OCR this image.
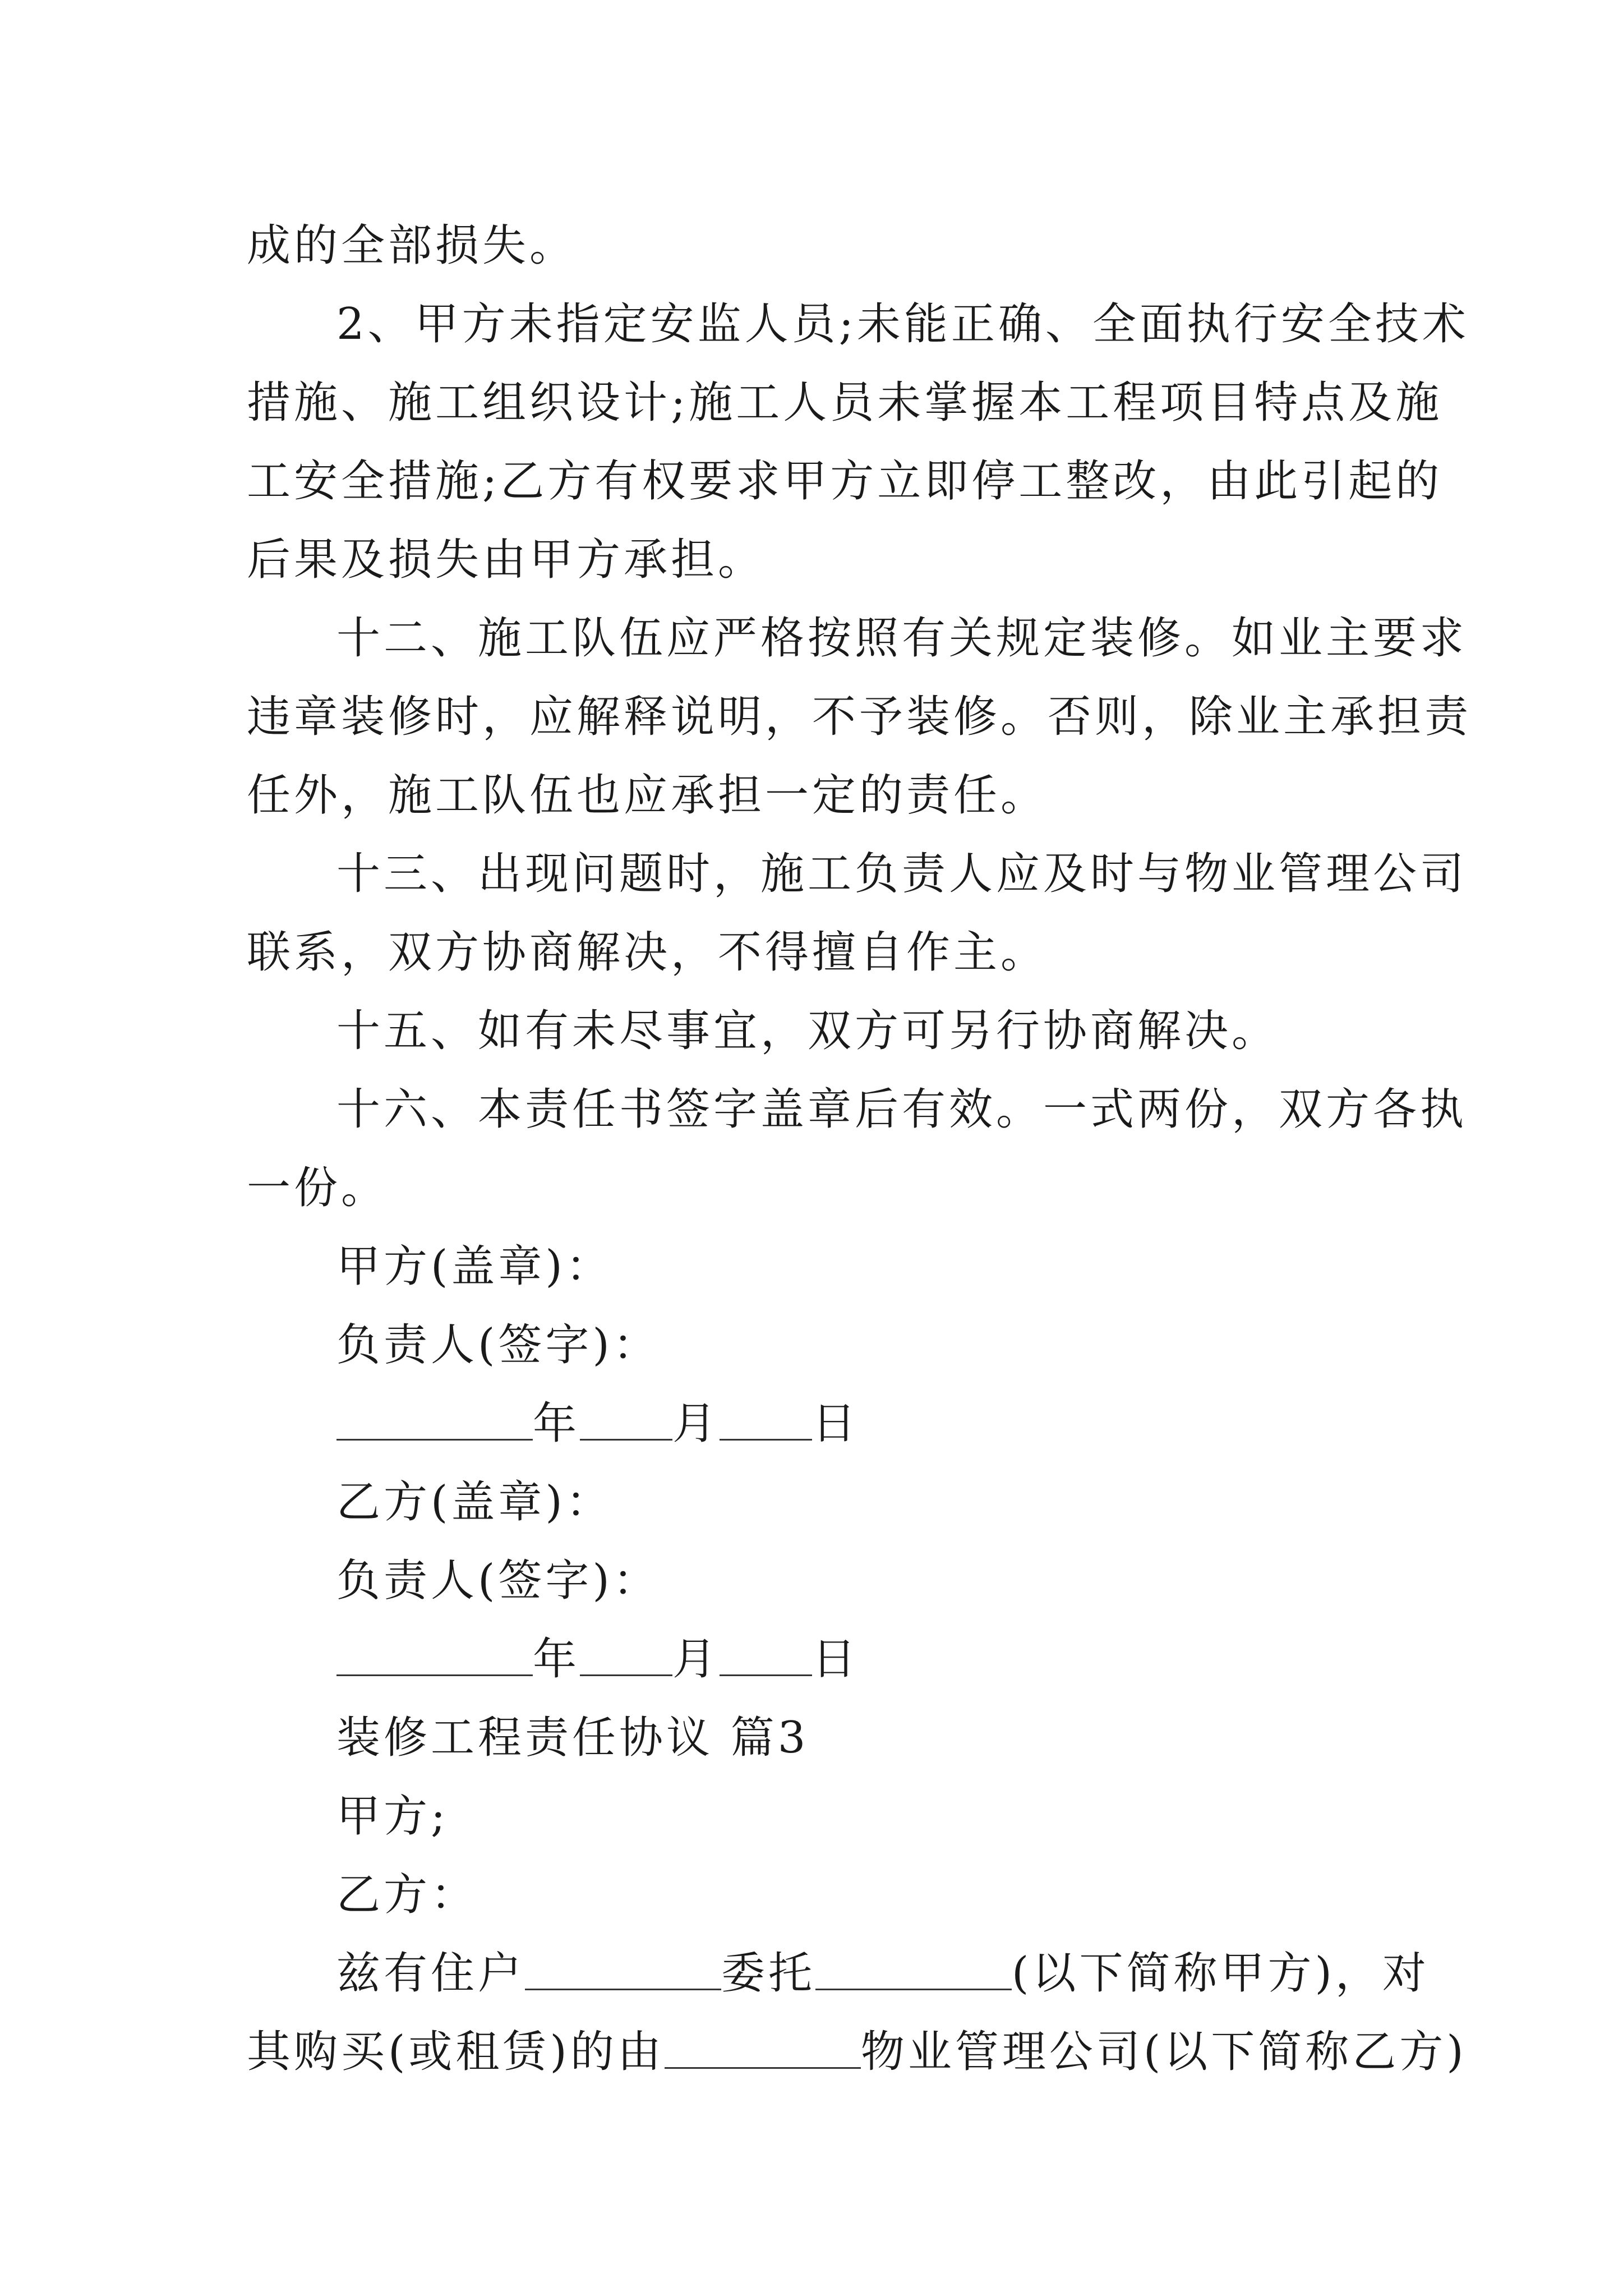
成的全部损失。
2、甲方未指定安监人员;未能正确、全面执行安全技术
措施、施工组织设计;施工人员未掌握本工程项目特点及施
工安全措施;乙方有权要求甲方立即停工整改，由此引起的
后果及损失由甲方承担。
十二、施工队伍应严格按照有关规定装修。如业主要求
违章装修时，应解释说明，不予装修。否则，除业主承担责
任外，施工队伍也应承担一定的责任。
十三、出现问题时，施工负责人应及时与物业管理公司
联系，双方协商解决，不得擅自作主。
十五、如有未尽事宜，双方可另行协商解决。
十六、本责任书签字盖章后有效。一式两份，双方各执
一份。
甲方(盖章)：
负责人(签字)：
年 月 日
乙方(盖章)：
负责人(签字)：
年 月 日
装修工程责任协议 篇3
甲方;
乙方：
兹有住户	委托	(以下简称甲方)，对
其购买(或租赁)的由	物业管理公司(以下简称乙方)
